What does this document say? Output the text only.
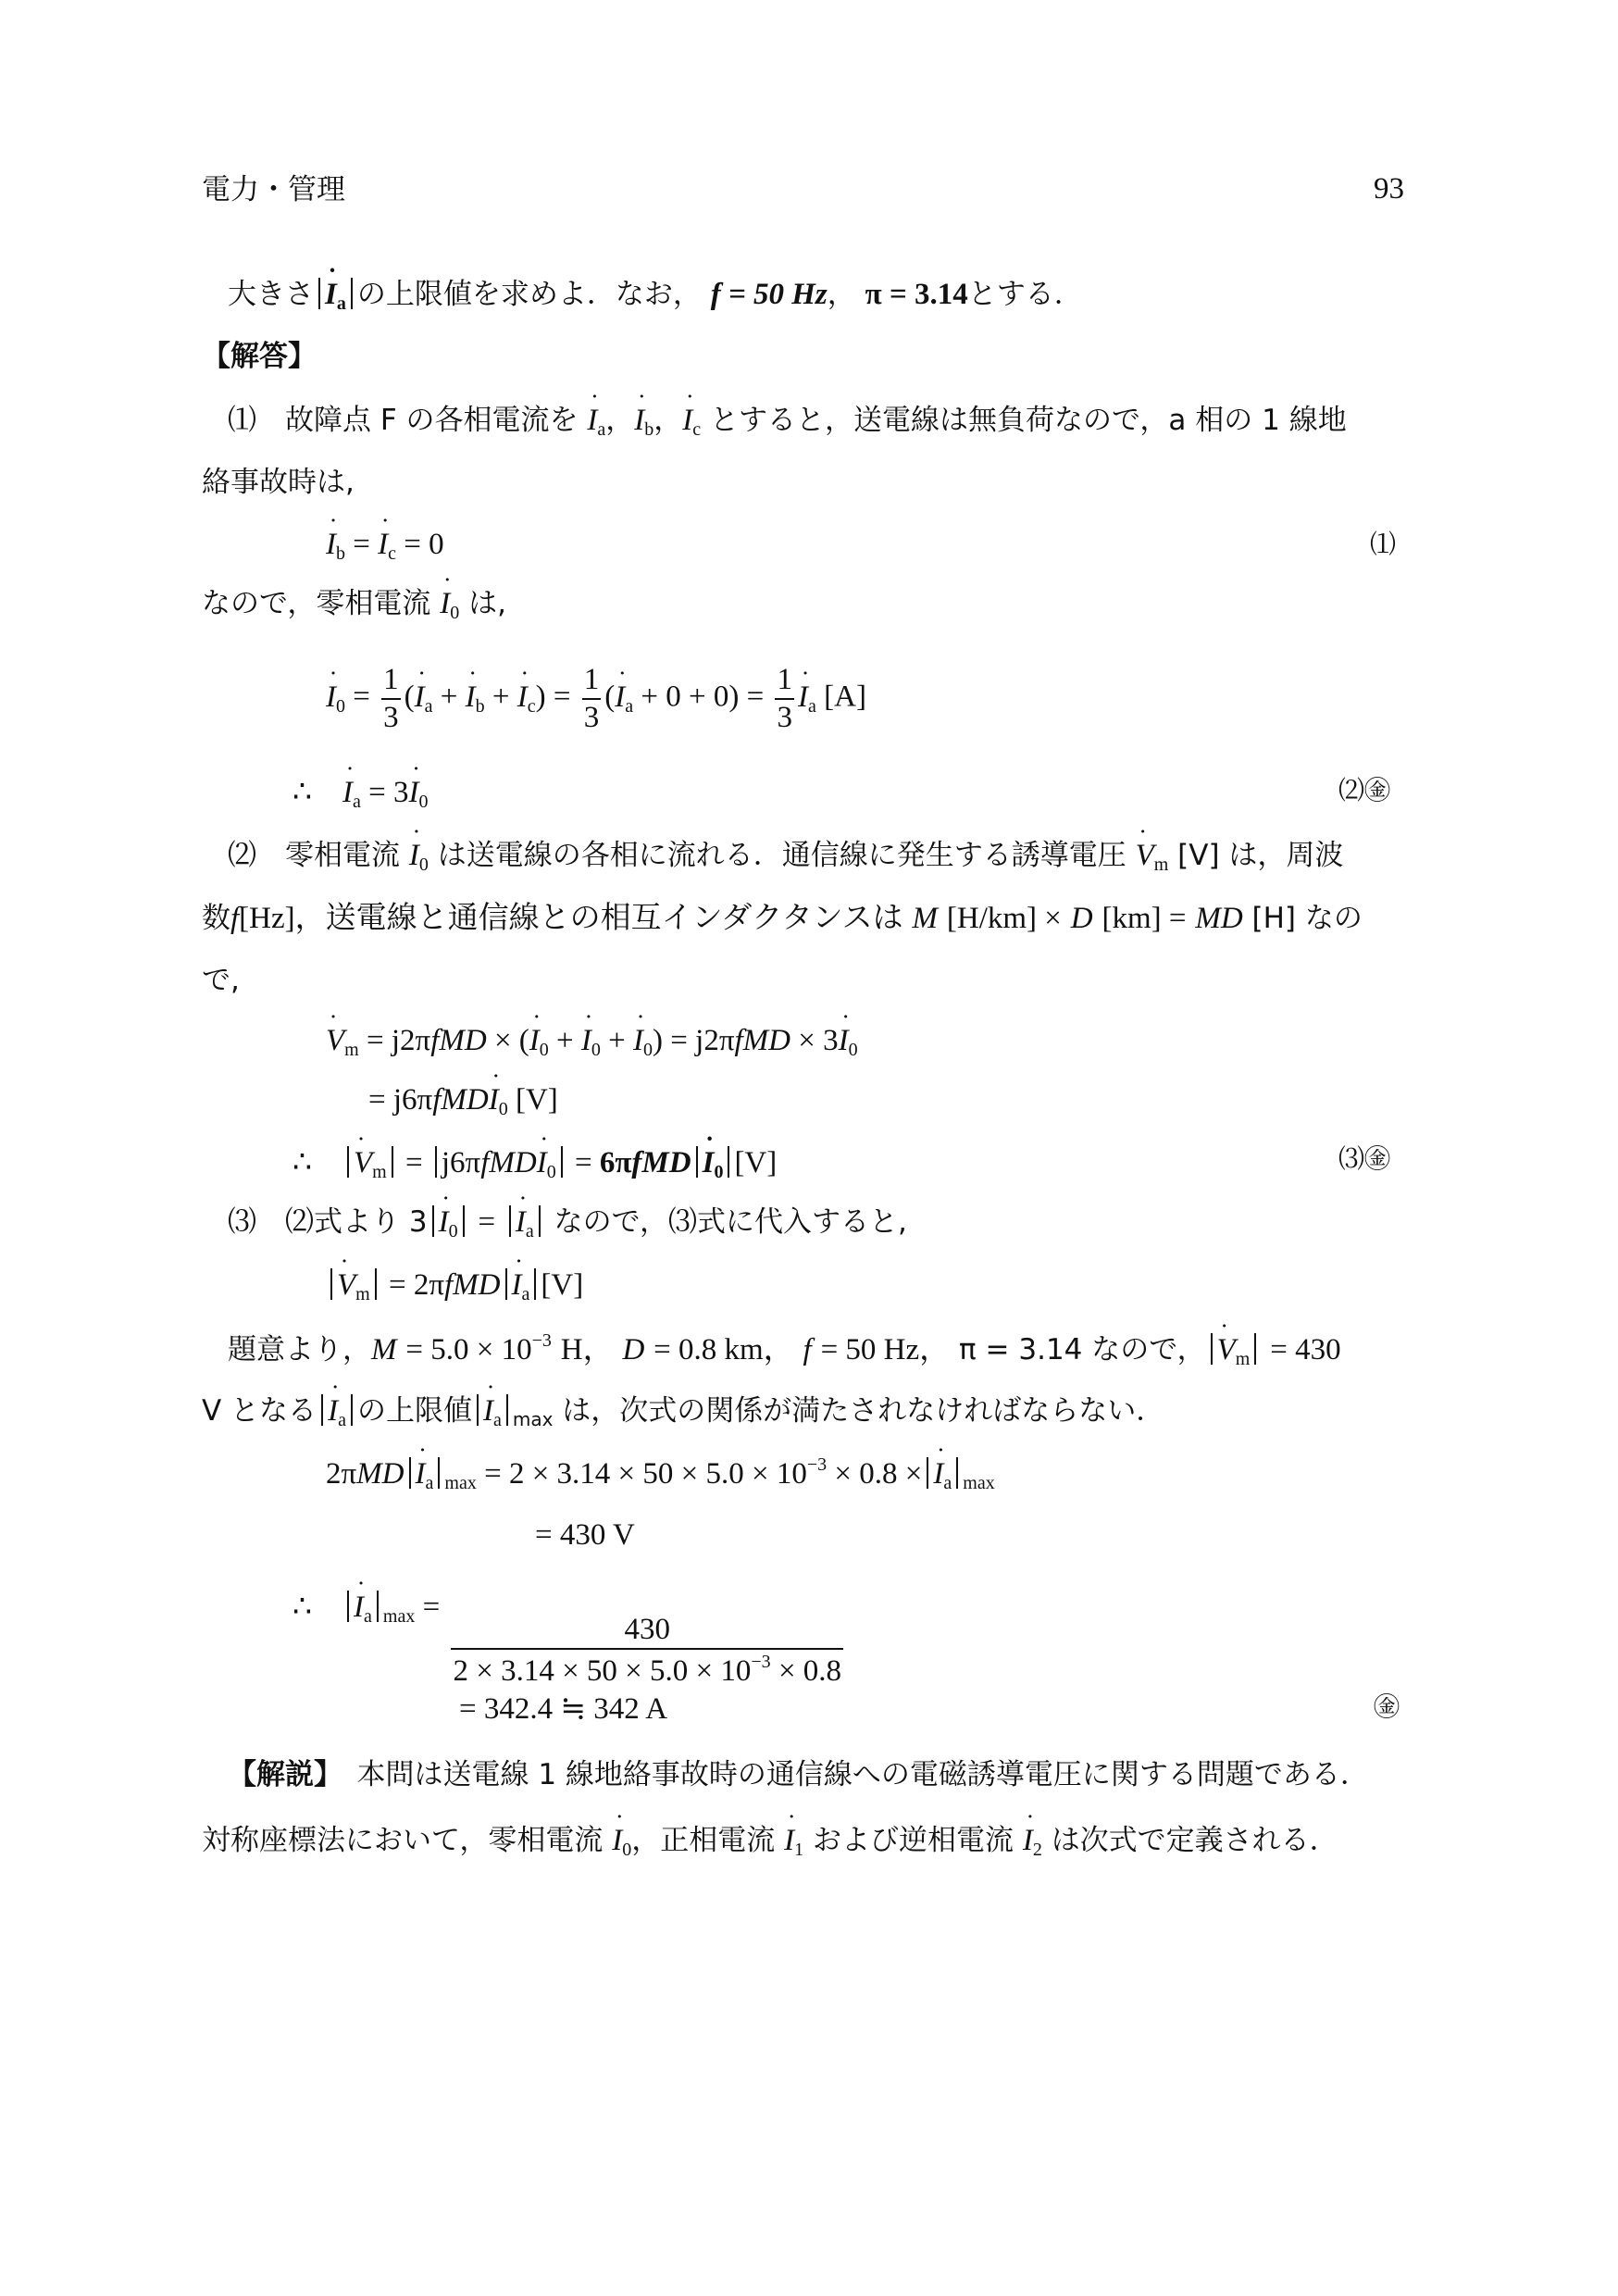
電力・管理	93
大きさ˙ $I_a$ の上限値を求めよ．なお， f = 50 Hz， π = 3.14とする．
【解答】
⑴　 故障点 F の各相電流を ˙ $I_a$，˙ $I_b$，˙ $I_c$ とすると，送電線は無負荷なので，a 相の 1 線地
絡事故時は,
˙ $I_b$ = ˙ $I_c = 0$	⑴
なので，零相電流 ˙ $I_0$ は,
˙ $I_0 = \frac{1}{3}$ (˙ $I_a$ + ˙ $I_b$ + ˙ $I_c) = \frac{1}{3}$ (˙ $I_a + 0 + 0) = \frac{1}{3}$
˙ $I_a$ [A]
∴　˙ $I_a$ = 3˙ $I_0$	⑵㊎
⑵　 零相電流 ˙ $I_0$ は送電線の各相に流れる．通信線に発生する誘導電圧 ˙ $V_m$ [V] は，周波
数f[Hz]，送電線と通信線との相互インダクタンスは M [H/km] × D [km] = MD [H] なの
で,
˙ $V_m = j2\pi fMD$ × (˙ $I_0$ + ˙ $I_0$ + ˙ $I_0) = j2\pi fMD$ × 3˙ $I_0$
= j6πfMD˙ $I_0$ [V]
∴　˙ $V_m$ = j6πfMD˙ $I_0$ = 6πfMD˙ $I_0$ [V]	⑶㊎
⑶　 ⑵式より 3˙ $I_0$ = ˙ $I_a$ なので，⑶式に代入すると,
˙ $V_m$ = 2πfMD˙ $I_a$ [V]
題意より，$M = 5.0 \times 10^{-3}$ H， D = 0.8 km， f = 50 Hz， π = 3.14 なので，˙ $V_m = 430$
V となる˙ $I_a$ の上限値˙ $I_a$ $_{max}$ は，次式の関係が満たされなければならない．
2πMD˙ $I_a$ $_{max} = 2 \times 3.14 \times 50 \times 5.0 \times 10^{-3} \times 0.8$ ×˙ $I_a$ $_{max}$
= 430 V
∴　˙ $I_a$ $_{max}$ =
$\frac{430}{2 \times 3.14 \times 50 \times 5.0 \times 10^{-3} \times 0.8}$
= 342.4 ≒ 342 A	㊎
【解説】　 本問は送電線 1 線地絡事故時の通信線への電磁誘導電圧に関する問題である．
対称座標法において，零相電流 ˙ $I_0$，正相電流 ˙ $I_1$ および逆相電流 ˙ $I_2$ は次式で定義される．
